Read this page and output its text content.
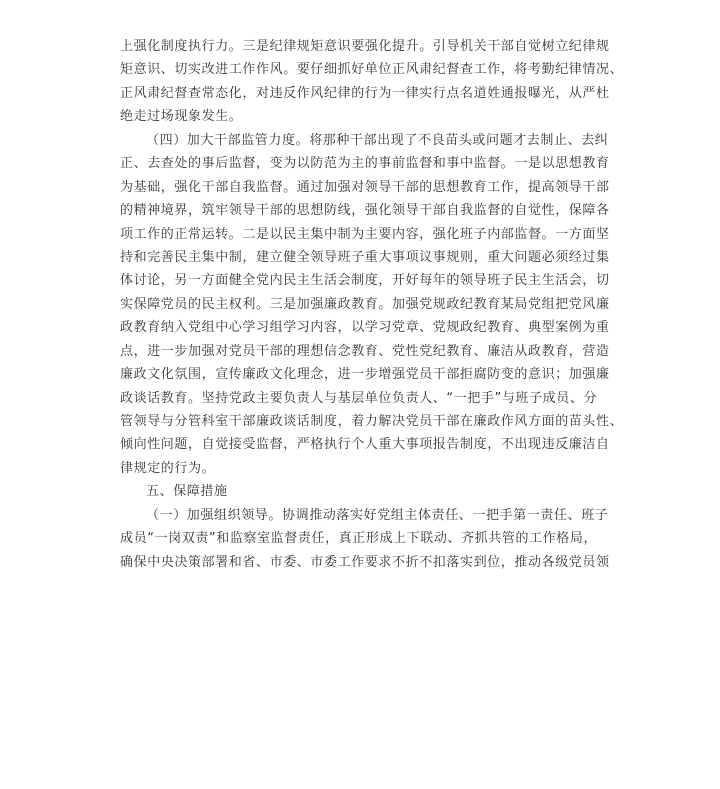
上强化制度执行力。三是纪律规矩意识要强化提升。引导机关干部自觉树立纪律规
矩意识、切实改进工作作风。要仔细抓好单位正风肃纪督查工作，将考勤纪律情况、
正风肃纪督查常态化，对违反作风纪律的行为一律实行点名道姓通报曝光，从严杜
绝走过场现象发生。
（四）加大干部监管力度。将那种干部出现了不良苗头或问题才去制止、去纠
正、去查处的事后监督，变为以防范为主的事前监督和事中监督。一是以思想教育
为基础，强化干部自我监督。通过加强对领导干部的思想教育工作，提高领导干部
的精神境界，筑牢领导干部的思想防线，强化领导干部自我监督的自觉性，保障各
项工作的正常运转。二是以民主集中制为主要内容，强化班子内部监督。一方面坚
持和完善民主集中制，建立健全领导班子重大事项议事规则，重大问题必须经过集
体讨论，另一方面健全党内民主生活会制度，开好每年的领导班子民主生活会，切
实保障党员的民主权利。三是加强廉政教育。加强党规政纪教育某局党组把党风廉
政教育纳入党组中心学习组学习内容，以学习党章、党规政纪教育、典型案例为重
点，进一步加强对党员干部的理想信念教育、党性党纪教育、廉洁从政教育，营造
廉政文化氛围，宣传廉政文化理念，进一步增强党员干部拒腐防变的意识；加强廉
政谈话教育。坚持党政主要负责人与基层单位负责人、“一把手”与班子成员、分
管领导与分管科室干部廉政谈话制度，着力解决党员干部在廉政作风方面的苗头性、
倾向性问题，自觉接受监督，严格执行个人重大事项报告制度，不出现违反廉洁自
律规定的行为。
五、保障措施
（一）加强组织领导。协调推动落实好党组主体责任、一把手第一责任、班子
成员“一岗双责”和监察室监督责任，真正形成上下联动、齐抓共管的工作格局，
确保中央决策部署和省、市委、市委工作要求不折不扣落实到位，推动各级党员领
